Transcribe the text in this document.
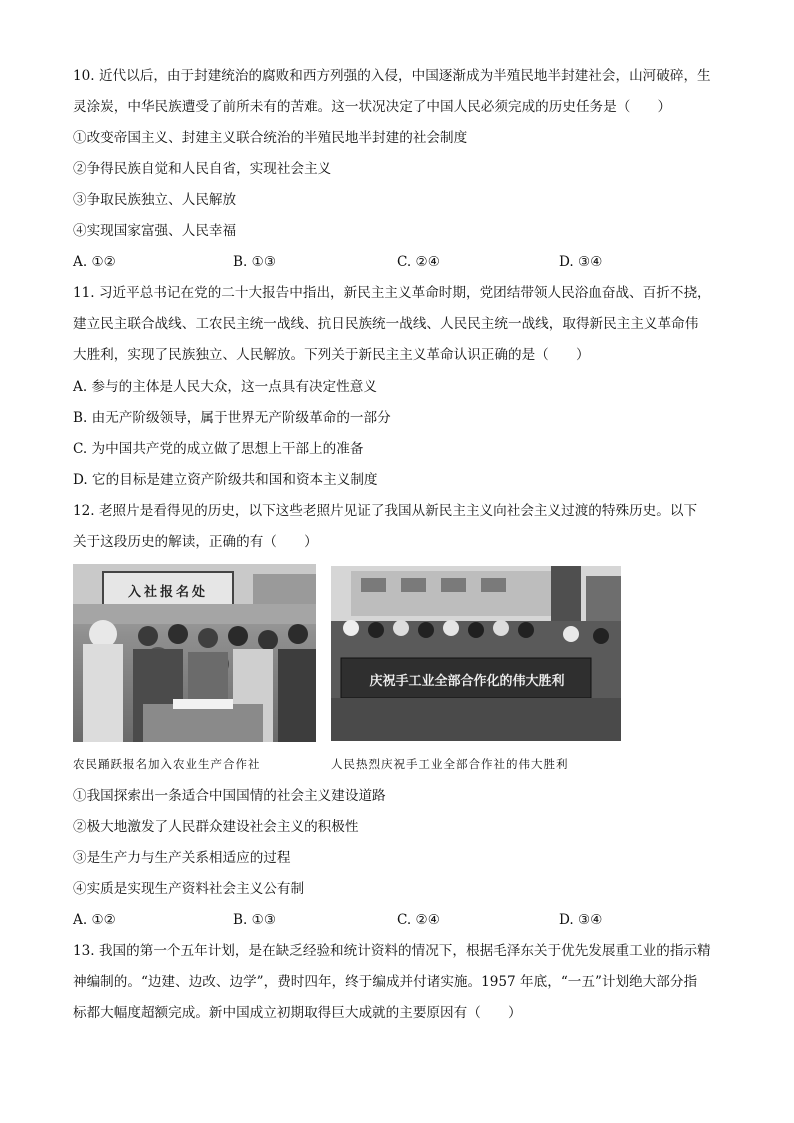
10. 近代以后，由于封建统治的腐败和西方列强的入侵，中国逐渐成为半殖民地半封建社会，山河破碎，生
灵涂炭，中华民族遭受了前所未有的苦难。这一状况决定了中国人民必须完成的历史任务是（　　）
①改变帝国主义、封建主义联合统治的半殖民地半封建的社会制度
②争得民族自觉和人民自省，实现社会主义
③争取民族独立、人民解放
④实现国家富强、人民幸福
A. ①②	B. ①③	C. ②④	D. ③④
11. 习近平总书记在党的二十大报告中指出，新民主主义革命时期，党团结带领人民浴血奋战、百折不挠，
建立民主联合战线、工农民主统一战线、抗日民族统一战线、人民民主统一战线，取得新民主主义革命伟
大胜利，实现了民族独立、人民解放。下列关于新民主主义革命认识正确的是（　　）
A. 参与的主体是人民大众，这一点具有决定性意义
B. 由无产阶级领导，属于世界无产阶级革命的一部分
C. 为中国共产党的成立做了思想上干部上的准备
D. 它的目标是建立资产阶级共和国和资本主义制度
12. 老照片是看得见的历史，以下这些老照片见证了我国从新民主主义向社会主义过渡的特殊历史。以下
关于这段历史的解读，正确的有（　　）
入社报名处
庆祝手工业全部合作化的伟大胜利
农民踊跃报名加入农业生产合作社	人民热烈庆祝手工业全部合作社的伟大胜利
①我国探索出一条适合中国国情的社会主义建设道路
②极大地激发了人民群众建设社会主义的积极性
③是生产力与生产关系相适应的过程
④实质是实现生产资料社会主义公有制
A. ①②	B. ①③	C. ②④	D. ③④
13. 我国的第一个五年计划，是在缺乏经验和统计资料的情况下，根据毛泽东关于优先发展重工业的指示精
神编制的。“边建、边改、边学”，费时四年，终于编成并付诸实施。1957 年底，“一五”计划绝大部分指
标都大幅度超额完成。新中国成立初期取得巨大成就的主要原因有（　　）
